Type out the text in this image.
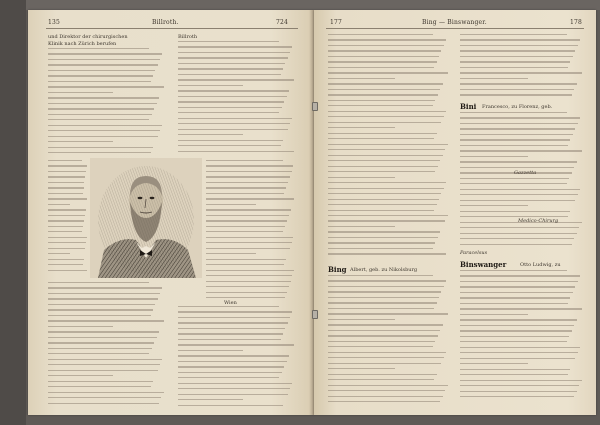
135	Billroth.	724
und Direktor der chirurgischen
Klinik nach Zürich berufen
Wien
Billroth
177	Bing — Binswanger.	178
Bing Albert, geb. zu Nikolsburg
Bini Francesco, zu Florenz, geb.
Paracelsus
Gazzetta
Medico-Chirurg
Binswanger	Otto Ludwig, zu
